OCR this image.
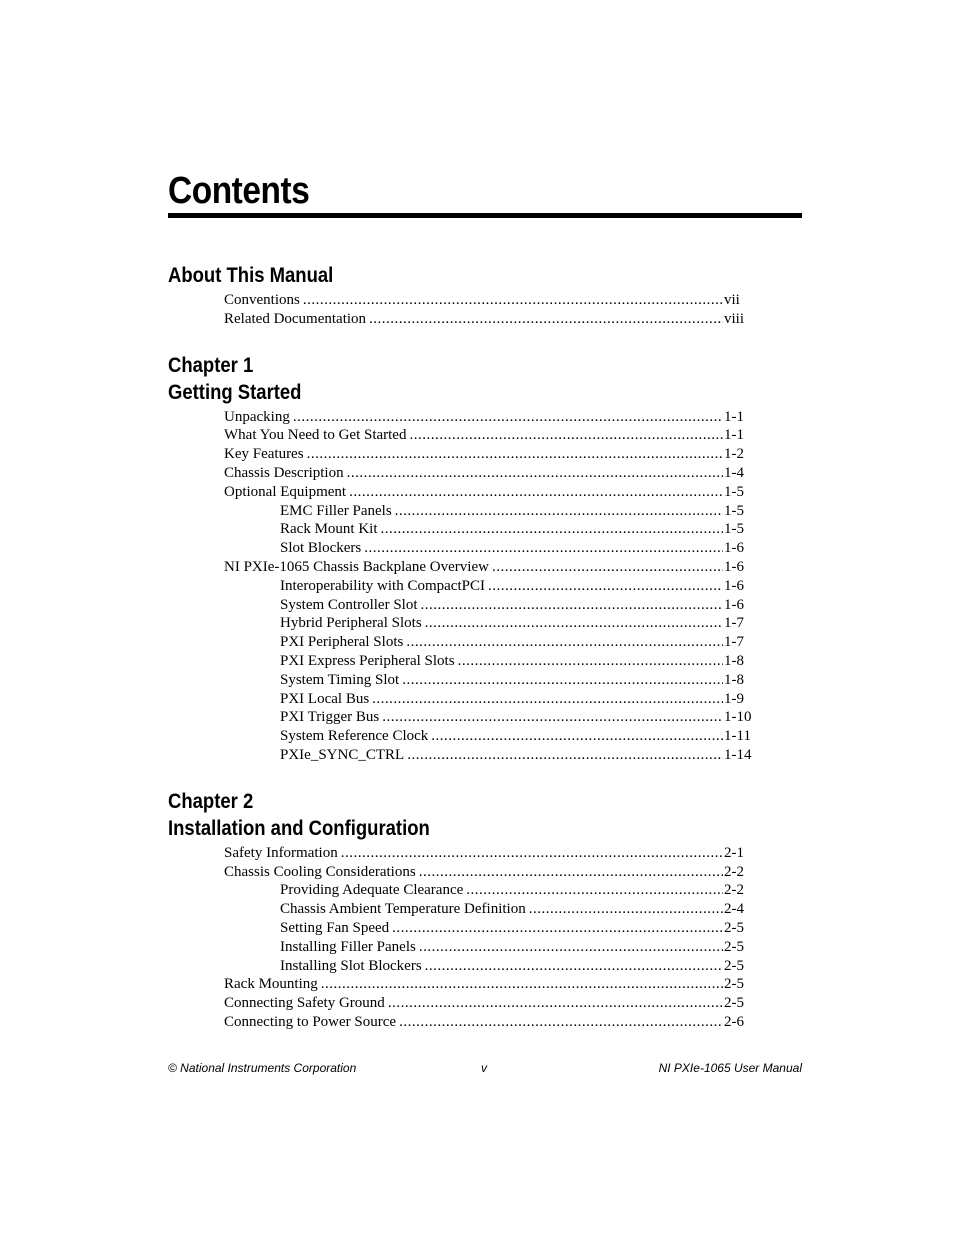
Contents
About This Manual
Conventions .....	vii
Related Documentation .....	viii
Chapter 1
Getting Started
Unpacking .....	1-1
What You Need to Get Started .....	1-1
Key Features .....	1-2
Chassis Description .....	1-4
Optional Equipment .....	1-5
EMC Filler Panels .....	1-5
Rack Mount Kit .....	1-5
Slot Blockers .....	1-6
NI PXIe-1065 Chassis Backplane Overview .....	1-6
Interoperability with CompactPCI .....	1-6
System Controller Slot .....	1-6
Hybrid Peripheral Slots .....	1-7
PXI Peripheral Slots .....	1-7
PXI Express Peripheral Slots .....	1-8
System Timing Slot .....	1-8
PXI Local Bus .....	1-9
PXI Trigger Bus .....	1-10
System Reference Clock .....	1-11
PXIe_SYNC_CTRL .....	1-14
Chapter 2
Installation and Configuration
Safety Information .....	2-1
Chassis Cooling Considerations .....	2-2
Providing Adequate Clearance .....	2-2
Chassis Ambient Temperature Definition .....	2-4
Setting Fan Speed .....	2-5
Installing Filler Panels .....	2-5
Installing Slot Blockers .....	2-5
Rack Mounting .....	2-5
Connecting Safety Ground .....	2-5
Connecting to Power Source .....	2-6
© National Instruments Corporation	v	NI PXIe-1065 User Manual
